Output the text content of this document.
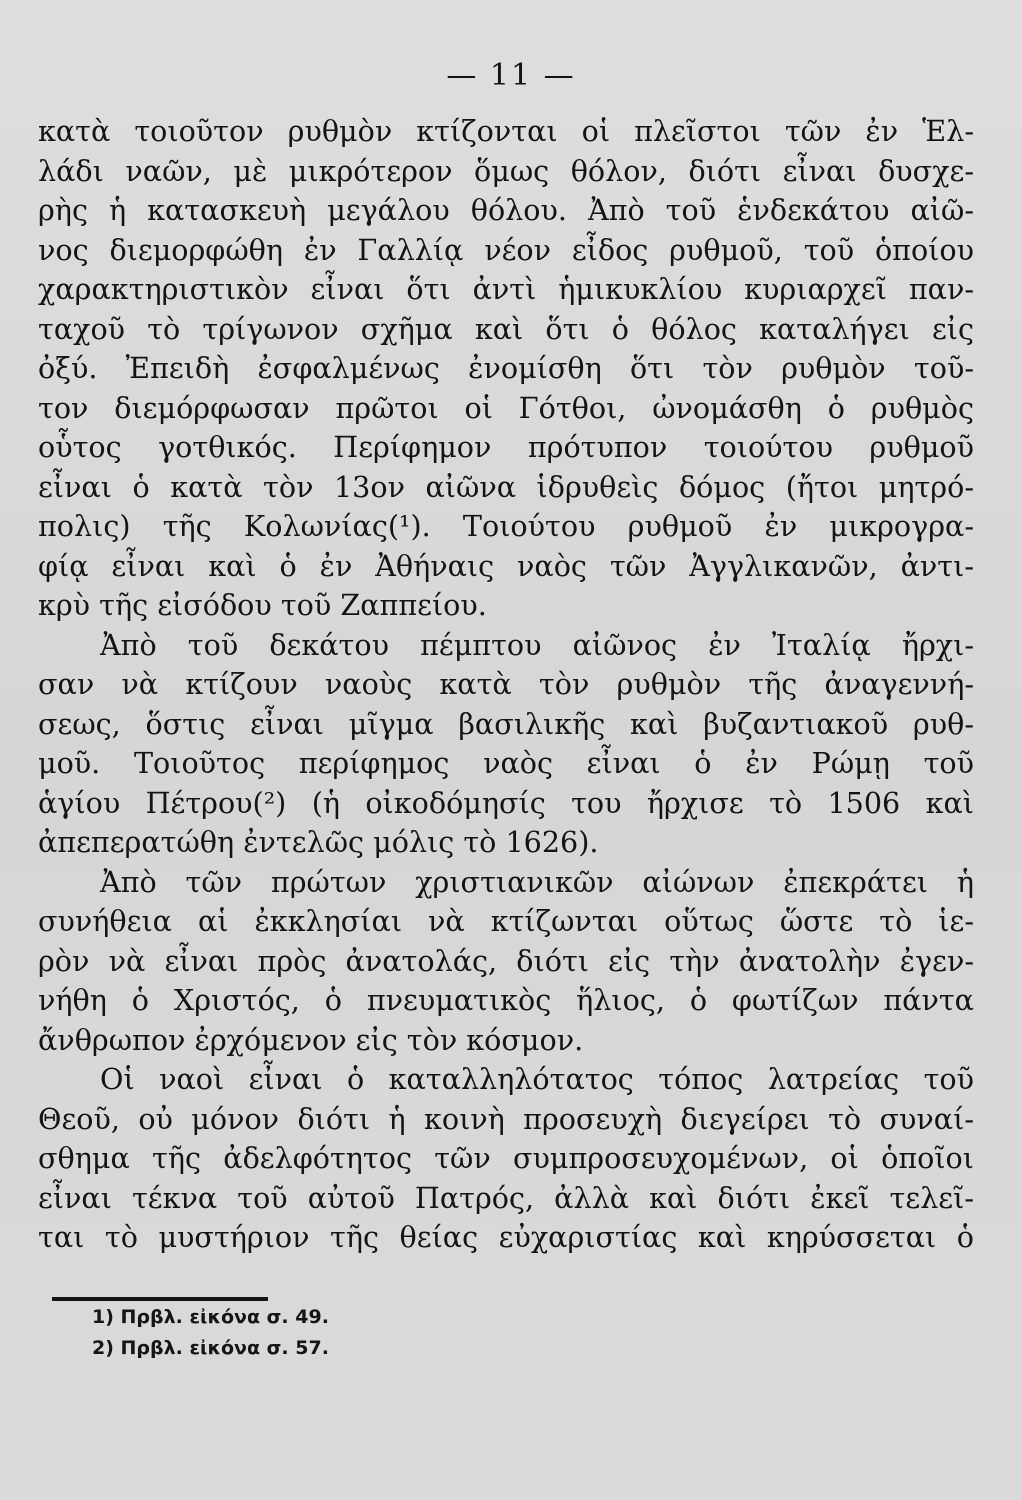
— 11 —
κατὰ τοιοῦτον ρυθμὸν κτίζονται οἱ πλεῖστοι τῶν ἐν Ἑλ-
λάδι ναῶν, μὲ μικρότερον ὅμως θόλον, διότι εἶναι δυσχε-
ρὴς ἡ κατασκευὴ μεγάλου θόλου. Ἀπὸ τοῦ ἑνδεκάτου αἰῶ-
νος διεμορφώθη ἐν Γαλλίᾳ νέον εἶδος ρυθμοῦ, τοῦ ὁποίου
χαρακτηριστικὸν εἶναι ὅτι ἀντὶ ἡμικυκλίου κυριαρχεῖ παν-
ταχοῦ τὸ τρίγωνον σχῆμα καὶ ὅτι ὁ θόλος καταλήγει εἰς
ὀξύ. Ἐπειδὴ ἐσφαλμένως ἐνομίσθη ὅτι τὸν ρυθμὸν τοῦ-
τον διεμόρφωσαν πρῶτοι οἱ Γότθοι, ὠνομάσθη ὁ ρυθμὸς
οὗτος γοτθικός. Περίφημον πρότυπον τοιούτου ρυθμοῦ
εἶναι ὁ κατὰ τὸν 13ον αἰῶνα ἱδρυθεὶς δόμος (ἤτοι μητρό-
πολις) τῆς Κολωνίας(¹). Τοιούτου ρυθμοῦ ἐν μικρογρα-
φίᾳ εἶναι καὶ ὁ ἐν Ἀθήναις ναὸς τῶν Ἀγγλικανῶν, ἀντι-
κρὺ τῆς εἰσόδου τοῦ Ζαππείου.
Ἀπὸ τοῦ δεκάτου πέμπτου αἰῶνος ἐν Ἰταλίᾳ ἤρχι-
σαν νὰ κτίζουν ναοὺς κατὰ τὸν ρυθμὸν τῆς ἀναγεννή-
σεως, ὅστις εἶναι μῖγμα βασιλικῆς καὶ βυζαντιακοῦ ρυθ-
μοῦ. Τοιοῦτος περίφημος ναὸς εἶναι ὁ ἐν Ρώμῃ τοῦ
ἁγίου Πέτρου(²) (ἡ οἰκοδόμησίς του ἤρχισε τὸ 1506 καὶ
ἀπεπερατώθη ἐντελῶς μόλις τὸ 1626).
Ἀπὸ τῶν πρώτων χριστιανικῶν αἰώνων ἐπεκράτει ἡ
συνήθεια αἱ ἐκκλησίαι νὰ κτίζωνται οὕτως ὥστε τὸ ἱε-
ρὸν νὰ εἶναι πρὸς ἀνατολάς, διότι εἰς τὴν ἀνατολὴν ἐγεν-
νήθη ὁ Χριστός, ὁ πνευματικὸς ἥλιος, ὁ φωτίζων πάντα
ἄνθρωπον ἐρχόμενον εἰς τὸν κόσμον.
Οἱ ναοὶ εἶναι ὁ καταλληλότατος τόπος λατρείας τοῦ
Θεοῦ, οὐ μόνον διότι ἡ κοινὴ προσευχὴ διεγείρει τὸ συναί-
σθημα τῆς ἀδελφότητος τῶν συμπροσευχομένων, οἱ ὁποῖοι
εἶναι τέκνα τοῦ αὐτοῦ Πατρός, ἀλλὰ καὶ διότι ἐκεῖ τελεῖ-
ται τὸ μυστήριον τῆς θείας εὐχαριστίας καὶ κηρύσσεται ὁ
1) Πρβλ. εἰκόνα σ. 49.
2) Πρβλ. εἰκόνα σ. 57.
